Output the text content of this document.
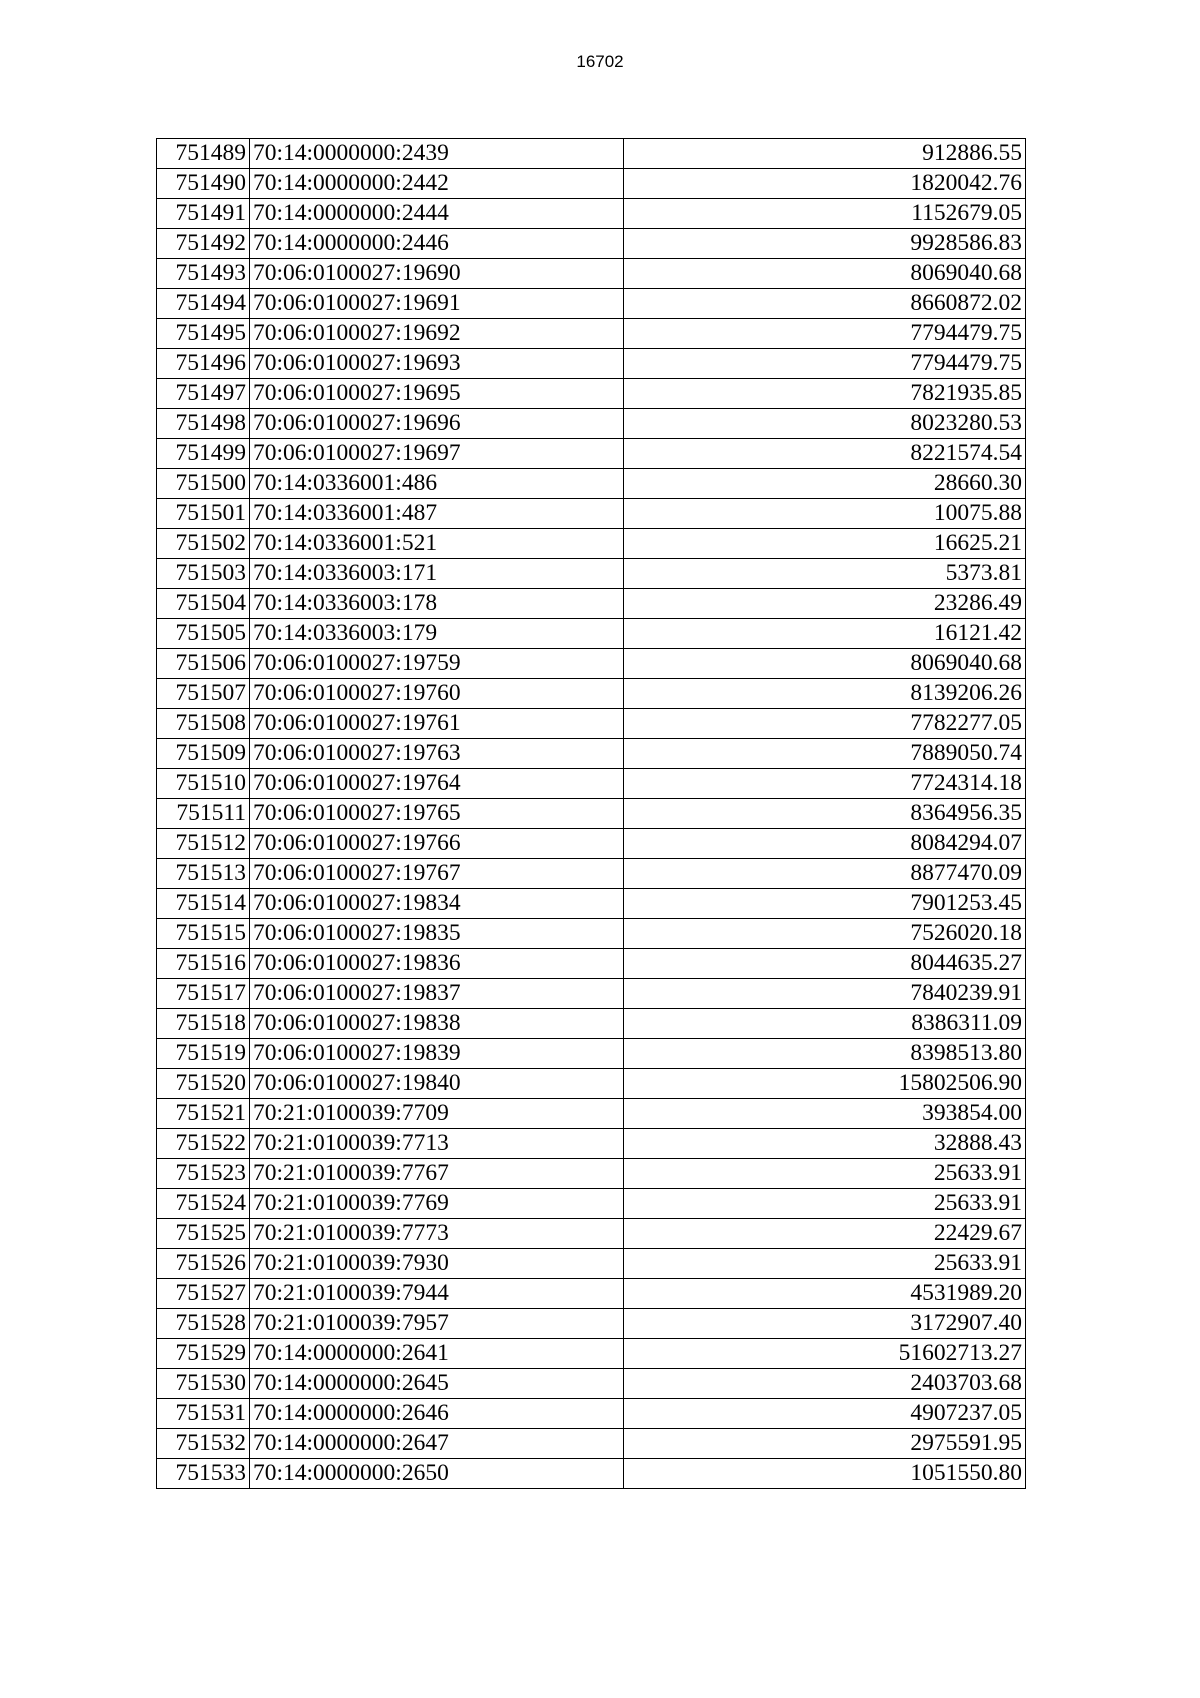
16702
751489	70:14:0000000:2439	912886.55
751490	70:14:0000000:2442	1820042.76
751491	70:14:0000000:2444	1152679.05
751492	70:14:0000000:2446	9928586.83
751493	70:06:0100027:19690	8069040.68
751494	70:06:0100027:19691	8660872.02
751495	70:06:0100027:19692	7794479.75
751496	70:06:0100027:19693	7794479.75
751497	70:06:0100027:19695	7821935.85
751498	70:06:0100027:19696	8023280.53
751499	70:06:0100027:19697	8221574.54
751500	70:14:0336001:486	28660.30
751501	70:14:0336001:487	10075.88
751502	70:14:0336001:521	16625.21
751503	70:14:0336003:171	5373.81
751504	70:14:0336003:178	23286.49
751505	70:14:0336003:179	16121.42
751506	70:06:0100027:19759	8069040.68
751507	70:06:0100027:19760	8139206.26
751508	70:06:0100027:19761	7782277.05
751509	70:06:0100027:19763	7889050.74
751510	70:06:0100027:19764	7724314.18
751511	70:06:0100027:19765	8364956.35
751512	70:06:0100027:19766	8084294.07
751513	70:06:0100027:19767	8877470.09
751514	70:06:0100027:19834	7901253.45
751515	70:06:0100027:19835	7526020.18
751516	70:06:0100027:19836	8044635.27
751517	70:06:0100027:19837	7840239.91
751518	70:06:0100027:19838	8386311.09
751519	70:06:0100027:19839	8398513.80
751520	70:06:0100027:19840	15802506.90
751521	70:21:0100039:7709	393854.00
751522	70:21:0100039:7713	32888.43
751523	70:21:0100039:7767	25633.91
751524	70:21:0100039:7769	25633.91
751525	70:21:0100039:7773	22429.67
751526	70:21:0100039:7930	25633.91
751527	70:21:0100039:7944	4531989.20
751528	70:21:0100039:7957	3172907.40
751529	70:14:0000000:2641	51602713.27
751530	70:14:0000000:2645	2403703.68
751531	70:14:0000000:2646	4907237.05
751532	70:14:0000000:2647	2975591.95
751533	70:14:0000000:2650	1051550.80
